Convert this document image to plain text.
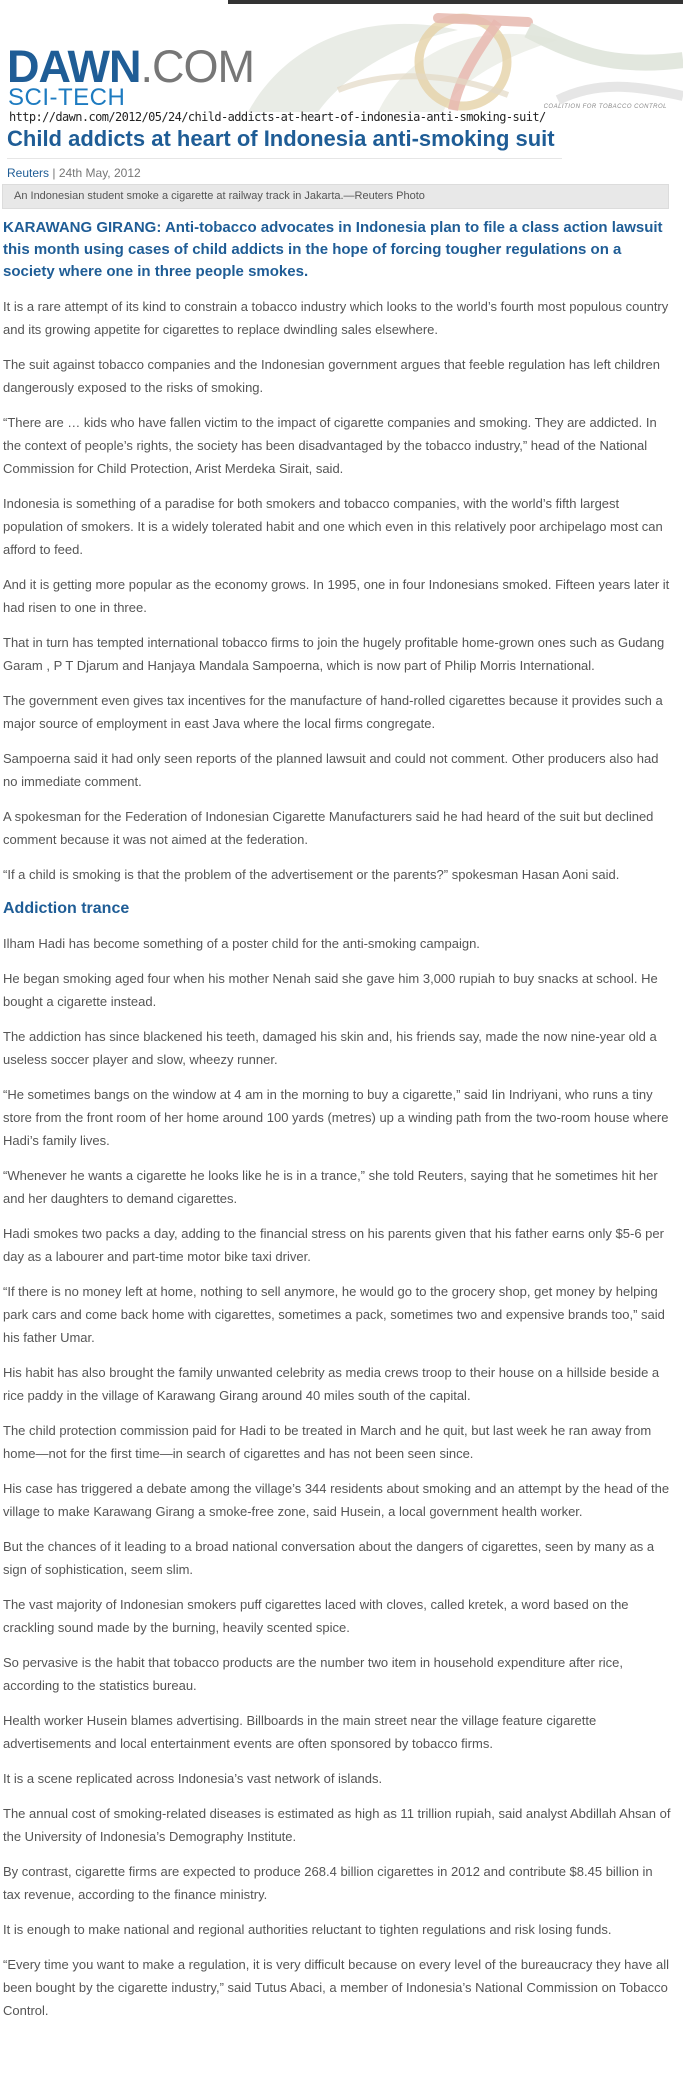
DAWN.COM
SCI-TECH	COALITION FOR TOBACCO CONTROL
http://dawn.com/2012/05/24/child-addicts-at-heart-of-indonesia-anti-smoking-suit/
Child addicts at heart of Indonesia anti-smoking suit
Reuters | 24th May, 2012
An Indonesian student smoke a cigarette at railway track in Jakarta.—Reuters Photo

KARAWANG GIRANG: Anti-tobacco advocates in Indonesia plan to file a class action lawsuit this month using cases of child addicts in the hope of forcing tougher regulations on a society where one in three people smokes.

It is a rare attempt of its kind to constrain a tobacco industry which looks to the world’s fourth most populous country and its growing appetite for cigarettes to replace dwindling sales elsewhere.

The suit against tobacco companies and the Indonesian government argues that feeble regulation has left children dangerously exposed to the risks of smoking.

“There are … kids who have fallen victim to the impact of cigarette companies and smoking. They are addicted. In the context of people’s rights, the society has been disadvantaged by the tobacco industry,” head of the National Commission for Child Protection, Arist Merdeka Sirait, said.

Indonesia is something of a paradise for both smokers and tobacco companies, with the world’s fifth largest population of smokers. It is a widely tolerated habit and one which even in this relatively poor archipelago most can afford to feed.

And it is getting more popular as the economy grows. In 1995, one in four Indonesians smoked. Fifteen years later it had risen to one in three.

That in turn has tempted international tobacco firms to join the hugely profitable home-grown ones such as Gudang Garam , P T Djarum and Hanjaya Mandala Sampoerna, which is now part of Philip Morris International.

The government even gives tax incentives for the manufacture of hand-rolled cigarettes because it provides such a major source of employment in east Java where the local firms congregate.

Sampoerna said it had only seen reports of the planned lawsuit and could not comment. Other producers also had no immediate comment.

A spokesman for the Federation of Indonesian Cigarette Manufacturers said he had heard of the suit but declined comment because it was not aimed at the federation.

“If a child is smoking is that the problem of the advertisement or the parents?” spokesman Hasan Aoni said.

Addiction trance

Ilham Hadi has become something of a poster child for the anti-smoking campaign.

He began smoking aged four when his mother Nenah said she gave him 3,000 rupiah to buy snacks at school. He bought a cigarette instead.

The addiction has since blackened his teeth, damaged his skin and, his friends say, made the now nine-year old a useless soccer player and slow, wheezy runner.

“He sometimes bangs on the window at 4 am in the morning to buy a cigarette,” said Iin Indriyani, who runs a tiny store from the front room of her home around 100 yards (metres) up a winding path from the two-room house where Hadi’s family lives.

“Whenever he wants a cigarette he looks like he is in a trance,” she told Reuters, saying that he sometimes hit her and her daughters to demand cigarettes.

Hadi smokes two packs a day, adding to the financial stress on his parents given that his father earns only $5-6 per day as a labourer and part-time motor bike taxi driver.

“If there is no money left at home, nothing to sell anymore, he would go to the grocery shop, get money by helping park cars and come back home with cigarettes, sometimes a pack, sometimes two and expensive brands too,” said his father Umar.

His habit has also brought the family unwanted celebrity as media crews troop to their house on a hillside beside a rice paddy in the village of Karawang Girang around 40 miles south of the capital.

The child protection commission paid for Hadi to be treated in March and he quit, but last week he ran away from home—not for the first time—in search of cigarettes and has not been seen since.

His case has triggered a debate among the village’s 344 residents about smoking and an attempt by the head of the village to make Karawang Girang a smoke-free zone, said Husein, a local government health worker.

But the chances of it leading to a broad national conversation about the dangers of cigarettes, seen by many as a sign of sophistication, seem slim.

The vast majority of Indonesian smokers puff cigarettes laced with cloves, called kretek, a word based on the crackling sound made by the burning, heavily scented spice.

So pervasive is the habit that tobacco products are the number two item in household expenditure after rice, according to the statistics bureau.

Health worker Husein blames advertising. Billboards in the main street near the village feature cigarette advertisements and local entertainment events are often sponsored by tobacco firms.

It is a scene replicated across Indonesia’s vast network of islands.

The annual cost of smoking-related diseases is estimated as high as 11 trillion rupiah, said analyst Abdillah Ahsan of the University of Indonesia’s Demography Institute.

By contrast, cigarette firms are expected to produce 268.4 billion cigarettes in 2012 and contribute $8.45 billion in tax revenue, according to the finance ministry.

It is enough to make national and regional authorities reluctant to tighten regulations and risk losing funds.

“Every time you want to make a regulation, it is very difficult because on every level of the bureaucracy they have all been bought by the cigarette industry,” said Tutus Abaci, a member of Indonesia’s National Commission on Tobacco Control.
